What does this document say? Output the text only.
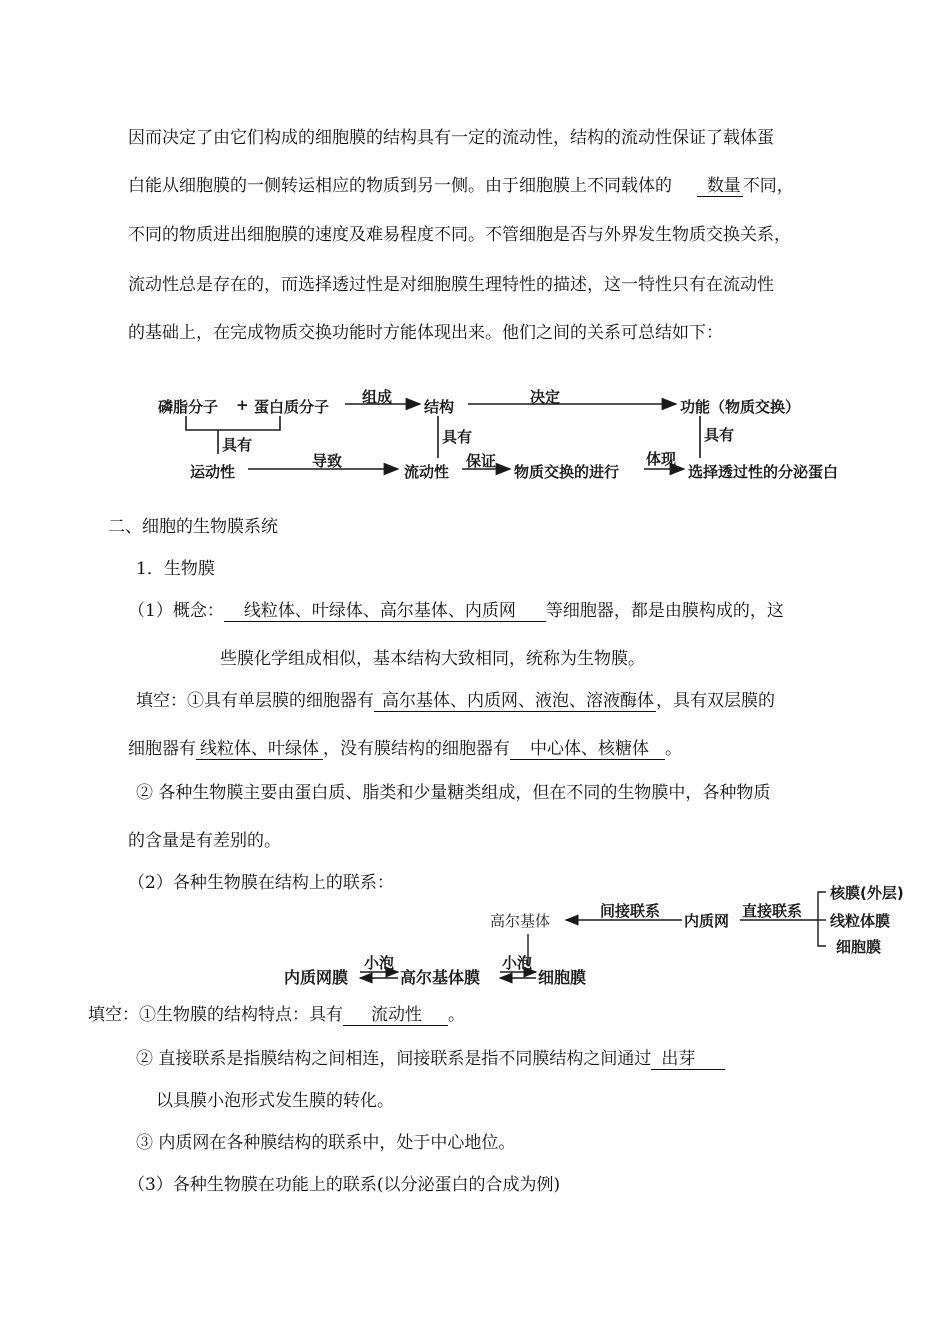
因而决定了由它们构成的细胞膜的结构具有一定的流动性，结构的流动性保证了载体蛋
白能从细胞膜的一侧转运相应的物质到另一侧。由于细胞膜上不同载体的 数量 不同，
不同的物质进出细胞膜的速度及难易程度不同。不管细胞是否与外界发生物质交换关系，
流动性总是存在的，而选择透过性是对细胞膜生理特性的描述，这一特性只有在流动性
的基础上，在完成物质交换功能时方能体现出来。他们之间的关系可总结如下：
磷脂分子 + 蛋白质分子
组成
结构
决定
功能（物质交换）
具有	具有	具有
运动性
导致
流动性
保证
物质交换的进行
体现
选择透过性的分泌蛋白
二、细胞的生物膜系统
1．生物膜
（1）概念： 线粒体、叶绿体、高尔基体、内质网 等细胞器，都是由膜构成的，这
些膜化学组成相似，基本结构大致相同，统称为生物膜。
填空：①具有单层膜的细胞器有 高尔基体、内质网、液泡、溶液酶体 ，具有双层膜的
细胞器有 线粒体、叶绿体 ，没有膜结构的细胞器有 中心体、核糖体 。
② 各种生物膜主要由蛋白质、脂类和少量糖类组成，但在不同的生物膜中，各种物质
的含量是有差别的。
（2）各种生物膜在结构上的联系：
高尔基体
间接联系
内质网
直接联系
核膜(外层)
线粒体膜
细胞膜
内质网膜
小泡
高尔基体膜
小泡
细胞膜
填空：①生物膜的结构特点：具有 流动性 。
② 直接联系是指膜结构之间相连，间接联系是指不同膜结构之间通过 出芽
以具膜小泡形式发生膜的转化。
③ 内质网在各种膜结构的联系中，处于中心地位。
（3）各种生物膜在功能上的联系(以分泌蛋白的合成为例)
